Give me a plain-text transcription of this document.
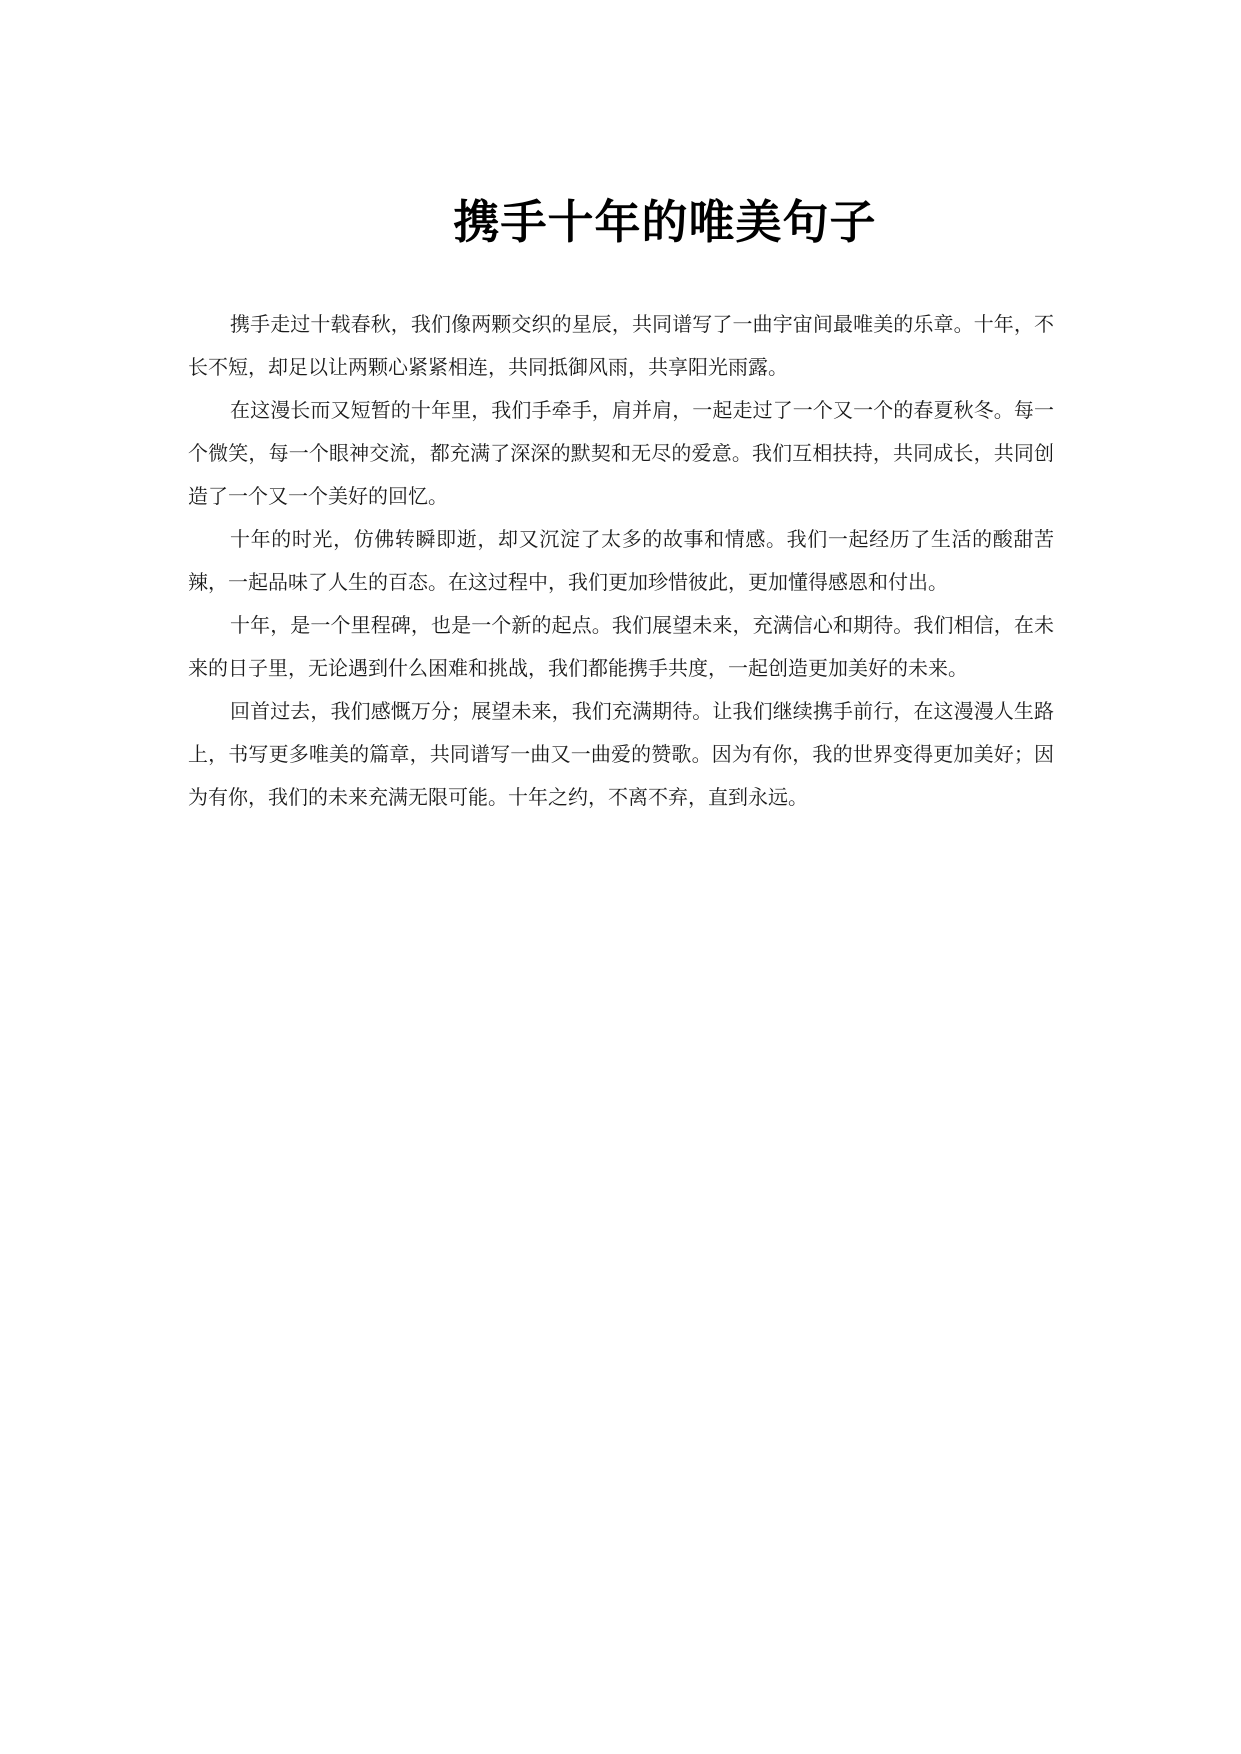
携手十年的唯美句子

携手走过十载春秋，我们像两颗交织的星辰，共同谱写了一曲宇宙间最唯美的乐章。十年，不长不短，却足以让两颗心紧紧相连，共同抵御风雨，共享阳光雨露。

在这漫长而又短暂的十年里，我们手牵手，肩并肩，一起走过了一个又一个的春夏秋冬。每一个微笑，每一个眼神交流，都充满了深深的默契和无尽的爱意。我们互相扶持，共同成长，共同创造了一个又一个美好的回忆。

十年的时光，仿佛转瞬即逝，却又沉淀了太多的故事和情感。我们一起经历了生活的酸甜苦辣，一起品味了人生的百态。在这过程中，我们更加珍惜彼此，更加懂得感恩和付出。

十年，是一个里程碑，也是一个新的起点。我们展望未来，充满信心和期待。我们相信，在未来的日子里，无论遇到什么困难和挑战，我们都能携手共度，一起创造更加美好的未来。

回首过去，我们感慨万分；展望未来，我们充满期待。让我们继续携手前行，在这漫漫人生路上，书写更多唯美的篇章，共同谱写一曲又一曲爱的赞歌。因为有你，我的世界变得更加美好；因为有你，我们的未来充满无限可能。十年之约，不离不弃，直到永远。
